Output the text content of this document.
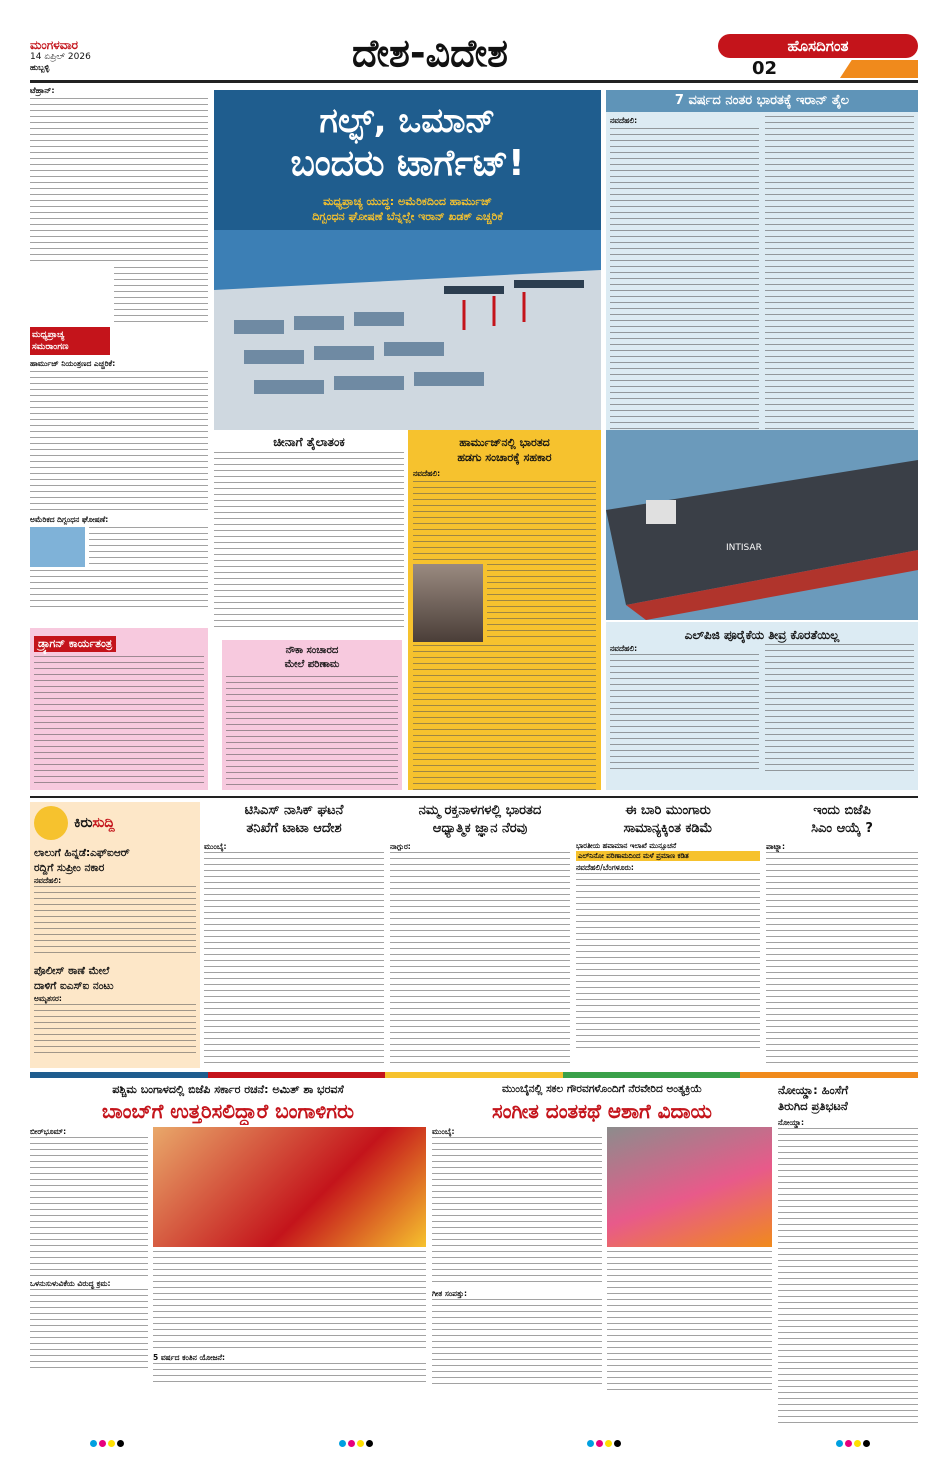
ಮಂಗಳವಾರ
14 ಏಪ್ರಿಲ್ 2026
ಹುಬ್ಬಳ್ಳಿ	ದೇಶ-ವಿದೇಶ	ಹೊಸದಿಗಂತ
02
ಟೆಹ್ರಾನ್:
ಮಧ್ಯಪ್ರಾಚ್ಯ
ಸಮರಾಂಗಣ
ಹಾರ್ಮುಜ್ ನಿಯಂತ್ರಣದ ಎಚ್ಚರಿಕೆ:
ಅಮೆರಿಕದ ದಿಗ್ಬಂಧನ ಘೋಷಣೆ:
ಡ್ರ್ಯಾಗನ್ ಕಾರ್ಯತಂತ್ರ
ಗಲ್ಫ್, ಒಮಾನ್
ಬಂದರು ಟಾರ್ಗೆಟ್!
ಮಧ್ಯಪ್ರಾಚ್ಯ ಯುದ್ಧ: ಅಮೆರಿಕದಿಂದ ಹಾರ್ಮುಜ್
ದಿಗ್ಬಂಧನ ಘೋಷಣೆ ಬೆನ್ನಲ್ಲೇ ಇರಾನ್ ಖಡಕ್ ಎಚ್ಚರಿಕೆ
ಚೀನಾಗೆ ತೈಲಾತಂಕ
ನೌಕಾ ಸಂಚಾರದ
ಮೇಲೆ ಪರಿಣಾಮ
ಹಾರ್ಮುಜ್‌ನಲ್ಲಿ ಭಾರತದ
ಹಡಗು ಸಂಚಾರಕ್ಕೆ ಸಹಕಾರ
ನವದೆಹಲಿ:
7 ವರ್ಷದ ನಂತರ ಭಾರತಕ್ಕೆ ಇರಾನ್ ತೈಲ
ನವದೆಹಲಿ:
INTISAR
ಎಲ್‌ಪಿಜಿ ಪೂರೈಕೆಯ ತೀವ್ರ ಕೊರತೆಯಿಲ್ಲ
ನವದೆಹಲಿ:
ಕಿರುಸುದ್ದಿ
ಲಾಲುಗೆ ಹಿನ್ನಡೆ:ಎಫ್‌ಐಆರ್
ರದ್ದಿಗೆ ಸುಪ್ರೀಂ ನಕಾರ
ನವದೆಹಲಿ:
ಪೊಲೀಸ್ ಠಾಣೆ ಮೇಲೆ
ದಾಳಿಗೆ ಐಎಸ್‌ಐ ನಂಟು
ಅಮೃತಸರ:
ಟಿಸಿಎಸ್ ನಾಸಿಕ್ ಘಟನೆ
ತನಿಖೆಗೆ ಟಾಟಾ ಆದೇಶ
ಮುಂಬೈ:
ನಮ್ಮ ರಕ್ತನಾಳಗಳಲ್ಲಿ ಭಾರತದ
ಆಧ್ಯಾತ್ಮಿಕ ಜ್ಞಾನ ನೆರವು
ನಾಗ್ಪುರ:
ಈ ಬಾರಿ ಮುಂಗಾರು
ಸಾಮಾನ್ಯಕ್ಕಿಂತ ಕಡಿಮೆ
ಭಾರತೀಯ ಹವಾಮಾನ ಇಲಾಖೆ ಮುನ್ಸೂಚನೆ
ಎಲ್‌ನಿನೋ ಪರಿಣಾಮದಿಂದ ಮಳೆ ಪ್ರಮಾಣ ಕಡಿತ
ನವದೆಹಲಿ/ಬೆಂಗಳೂರು:
ಇಂದು ಬಿಜೆಪಿ
ಸಿಎಂ ಆಯ್ಕೆ ?
ಪಾಟ್ನಾ:
ಪಶ್ಚಿಮ ಬಂಗಾಳದಲ್ಲಿ ಬಿಜೆಪಿ ಸರ್ಕಾರ ರಚನೆ: ಅಮಿತ್ ಶಾ ಭರವಸೆ
ಬಾಂಬ್‌ಗೆ ಉತ್ತರಿಸಲಿದ್ದಾರೆ ಬಂಗಾಳಿಗರು
ಬೀರ್‌ಭೂಮ್:
ಒಳನುಸುಳುವಿಕೆಯ ವಿರುದ್ಧ ಕ್ರಮ:
5 ವರ್ಷದ ಕಂತಿನ ಯೋಜನೆ:
ಮುಂಬೈನಲ್ಲಿ ಸಕಲ ಗೌರವಗಳೊಂದಿಗೆ ನೆರವೇರಿದ ಅಂತ್ಯಕ್ರಿಯೆ
ಸಂಗೀತ ದಂತಕಥೆ ಆಶಾಗೆ ವಿದಾಯ
ಮುಂಬೈ:
ಗೀತ ಸಂಪತ್ತು:
ನೋಯ್ಡಾ: ಹಿಂಸೆಗೆ
ತಿರುಗಿದ ಪ್ರತಿಭಟನೆ
ನೋಯ್ಡಾ:
